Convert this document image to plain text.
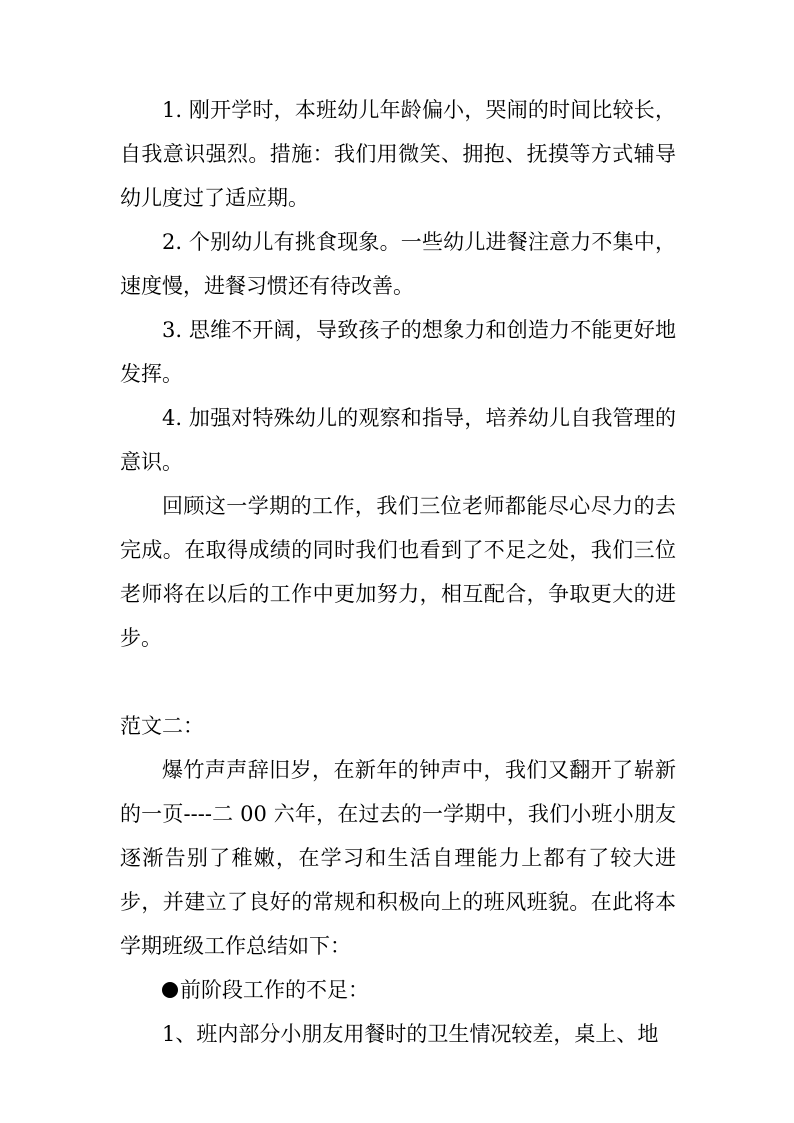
1. 刚开学时，本班幼儿年龄偏小，哭闹的时间比较长，自我意识强烈。措施：我们用微笑、拥抱、抚摸等方式辅导幼儿度过了适应期。

2. 个别幼儿有挑食现象。一些幼儿进餐注意力不集中，速度慢，进餐习惯还有待改善。

3. 思维不开阔，导致孩子的想象力和创造力不能更好地发挥。

4. 加强对特殊幼儿的观察和指导，培养幼儿自我管理的意识。

回顾这一学期的工作，我们三位老师都能尽心尽力的去完成。在取得成绩的同时我们也看到了不足之处，我们三位老师将在以后的工作中更加努力，相互配合，争取更大的进步。

范文二：

爆竹声声辞旧岁，在新年的钟声中，我们又翻开了崭新的一页----二 00 六年，在过去的一学期中，我们小班小朋友逐渐告别了稚嫩，在学习和生活自理能力上都有了较大进步，并建立了良好的常规和积极向上的班风班貌。在此将本学期班级工作总结如下：

前阶段工作的不足：

1、班内部分小朋友用餐时的卫生情况较差，桌上、地
